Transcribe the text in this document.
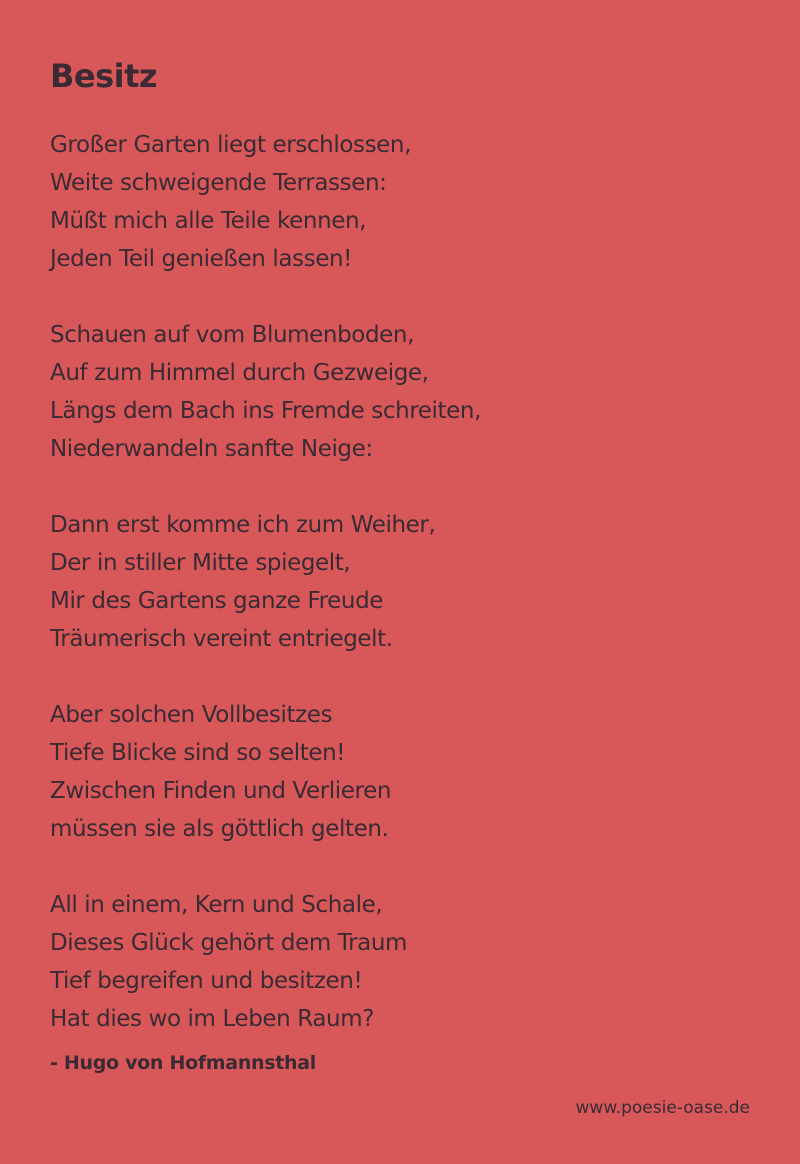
Besitz
Großer Garten liegt erschlossen,
Weite schweigende Terrassen:
Müßt mich alle Teile kennen,
Jeden Teil genießen lassen!
Schauen auf vom Blumenboden,
Auf zum Himmel durch Gezweige,
Längs dem Bach ins Fremde schreiten,
Niederwandeln sanfte Neige:
Dann erst komme ich zum Weiher,
Der in stiller Mitte spiegelt,
Mir des Gartens ganze Freude
Träumerisch vereint entriegelt.
Aber solchen Vollbesitzes
Tiefe Blicke sind so selten!
Zwischen Finden und Verlieren
müssen sie als göttlich gelten.
All in einem, Kern und Schale,
Dieses Glück gehört dem Traum
Tief begreifen und besitzen!
Hat dies wo im Leben Raum?

- Hugo von Hofmannsthal

www.poesie-oase.de
